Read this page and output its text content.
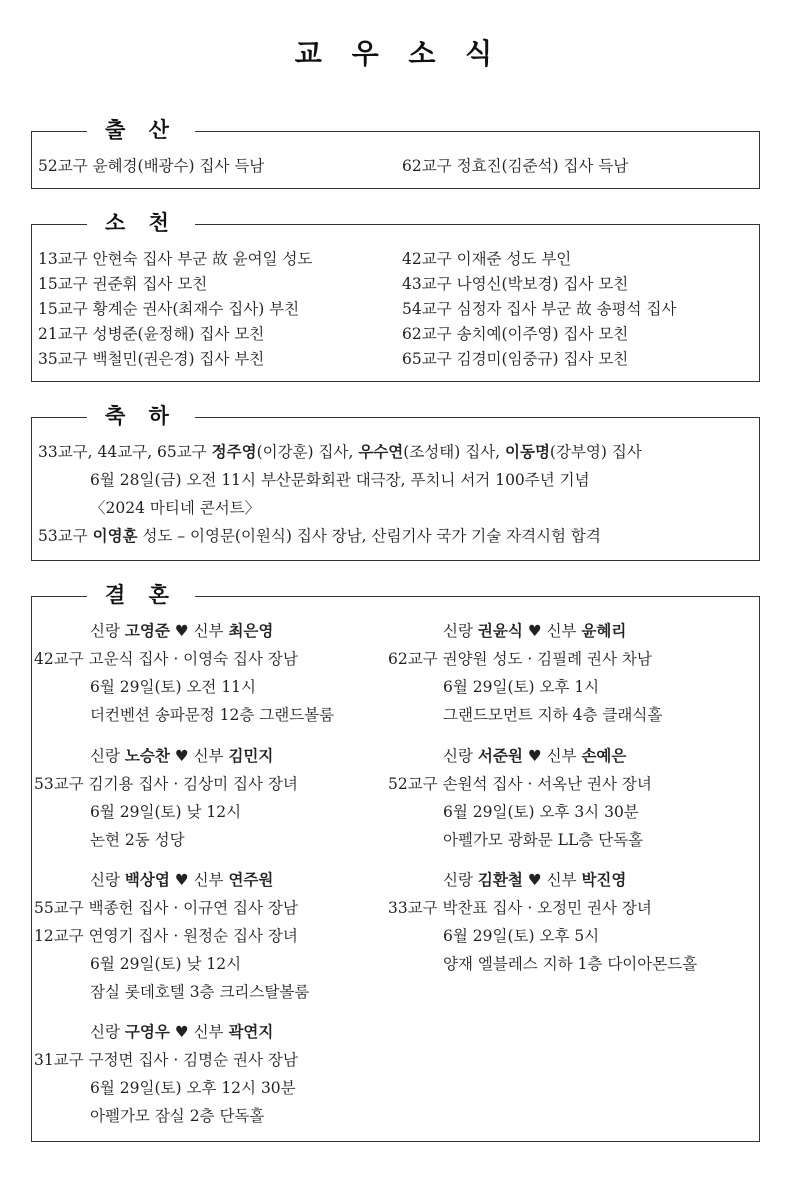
교 우 소 식
출 산
52교구 윤혜경(배광수) 집사 득남	62교구 정효진(김준석) 집사 득남
소 천
13교구 안현숙 집사 부군 故 윤여일 성도
15교구 권준휘 집사 모친
15교구 황계순 권사(최재수 집사) 부친
21교구 성병준(윤정해) 집사 모친
35교구 백철민(권은경) 집사 부친
42교구 이재준 성도 부인
43교구 나영신(박보경) 집사 모친
54교구 심정자 집사 부군 故 송평석 집사
62교구 송치예(이주영) 집사 모친
65교구 김경미(임중규) 집사 모친
축 하
33교구, 44교구, 65교구 정주영(이강훈) 집사, 우수연(조성태) 집사, 이동명(강부영) 집사
6월 28일(금) 오전 11시 부산문화회관 대극장, 푸치니 서거 100주년 기념
〈2024 마티네 콘서트〉
53교구 이영훈 성도 – 이영문(이원식) 집사 장남, 산림기사 국가 기술 자격시험 합격
결 혼
신랑 고영준 ♥ 신부 최은영
42교구 고운식 집사 · 이영숙 집사 장남
6월 29일(토) 오전 11시
더컨벤션 송파문정 12층 그랜드볼룸
신랑 노승찬 ♥ 신부 김민지
53교구 김기용 집사 · 김상미 집사 장녀
6월 29일(토) 낮 12시
논현 2동 성당
신랑 백상엽 ♥ 신부 연주원
55교구 백종헌 집사 · 이규연 집사 장남
12교구 연영기 집사 · 원정순 집사 장녀
6월 29일(토) 낮 12시
잠실 롯데호텔 3층 크리스탈볼룸
신랑 구영우 ♥ 신부 곽연지
31교구 구정면 집사 · 김명순 권사 장남
6월 29일(토) 오후 12시 30분
아펠가모 잠실 2층 단독홀
신랑 권윤식 ♥ 신부 윤혜리
62교구 권양원 성도 · 김필례 권사 차남
6월 29일(토) 오후 1시
그랜드모먼트 지하 4층 클래식홀
신랑 서준원 ♥ 신부 손예은
52교구 손원석 집사 · 서옥난 권사 장녀
6월 29일(토) 오후 3시 30분
아펠가모 광화문 LL층 단독홀
신랑 김환철 ♥ 신부 박진영
33교구 박찬표 집사 · 오정민 권사 장녀
6월 29일(토) 오후 5시
양재 엘블레스 지하 1층 다이아몬드홀
